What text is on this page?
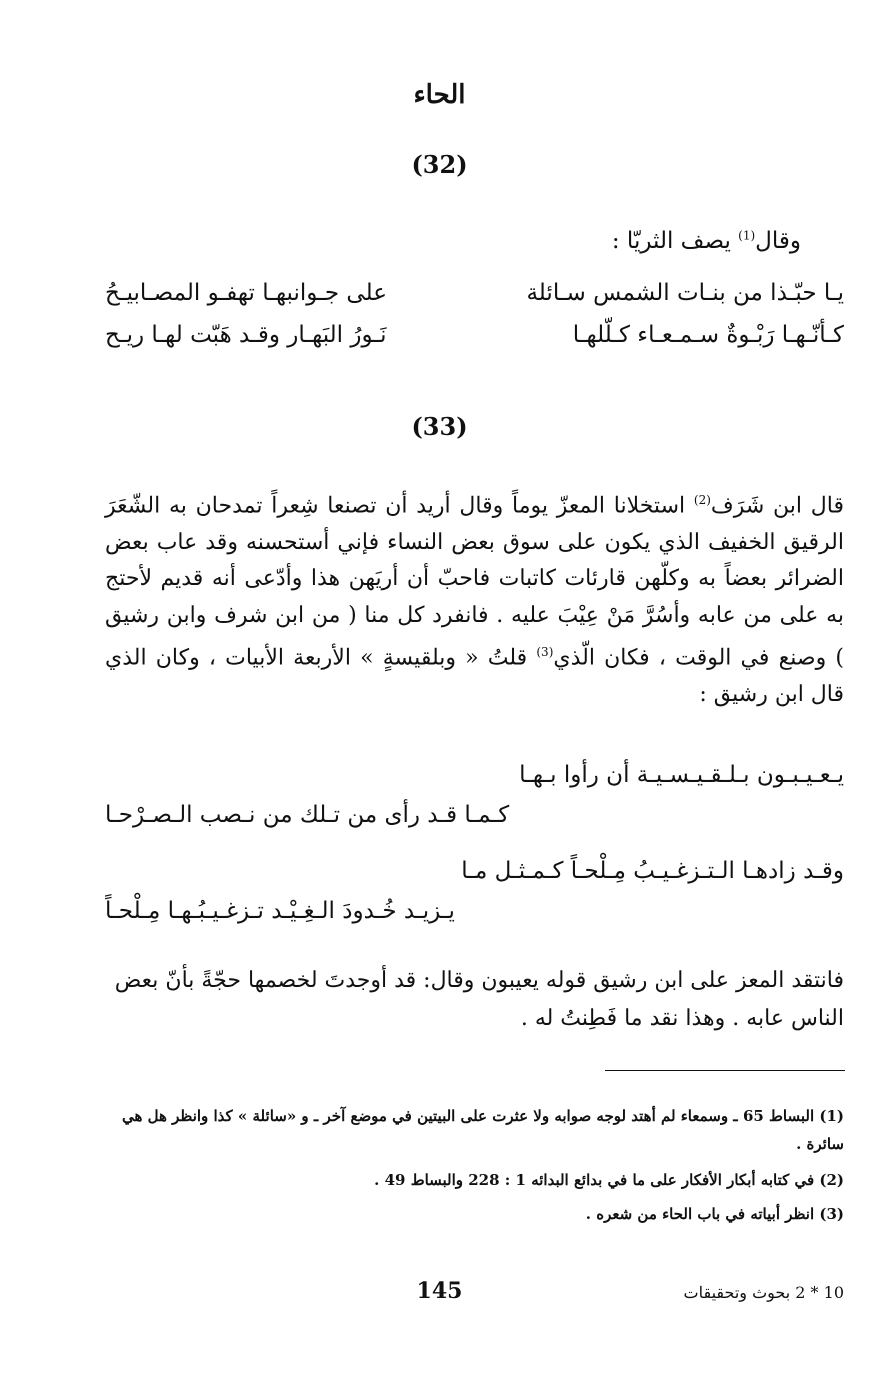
الحاء
(32)
وقال$^{(1)}$ يصف الثريّا :
يـا حبّـذا من بنـات الشمس سـائلة
على جـوانبهـا تهفـو المصـابيـحُ
كـأنّـهـا رَبْـوةٌ سـمـعـاء كـلّلهـا
نَـورُ البَهـار وقـد هَبّت لهـا ريـح
(33)
قال ابن شَرَف$^{(2)}$ استخلانا المعزّ يوماً وقال أريد أن تصنعا شِعراً تمدحان به الشّعَرَ الرقيق الخفيف الذي يكون على سوق بعض النساء فإني أستحسنه وقد عاب بعض الضرائر بعضاً به وكلّهن قارئات كاتبات فاحبّ أن أريَهن هذا وأدّعى أنه قديم لأحتج به على من عابه وأسُرَّ مَنْ عِيْبَ عليه . فانفرد كل منا ( من ابن شرف وابن رشيق ) وصنع في الوقت ، فكان الّذي$^{(3)}$ قلتُ « وبلقيسةٍ » الأربعة الأبيات ، وكان الذي قال ابن رشيق :
يـعـيـبـون بـلـقـيـسـيـة أن رأوا بـهـا
كـمـا قـد رأى من تـلك من نـصب الـصـرْحـا
وقـد زادهـا الـتـزغـيـبُ مِـلْحـاً كـمـثـل مـا
يـزيـد خُـدودَ الـغِـيْـد تـزغـيـبُـهـا مِـلْحـاً
فانتقد المعز على ابن رشيق قوله يعيبون وقال: قد أوجدتَ لخصمها حجّةً بأنّ بعض الناس عابه . وهذا نقد ما فَطِنتُ له .
(1) البساط 65 ـ وسمعاء لم أهتد لوجه صوابه ولا عثرت على البيتين في موضع آخر ـ و «سائلة » كذا وانظر هل هي سائرة .
(2) في كتابه أبكار الأفكار على ما في بدائع البدائه 1 : 228 والبساط 49 .
(3) انظر أبياته في باب الحاء من شعره .
145	10 * 2 بحوث وتحقيقات
